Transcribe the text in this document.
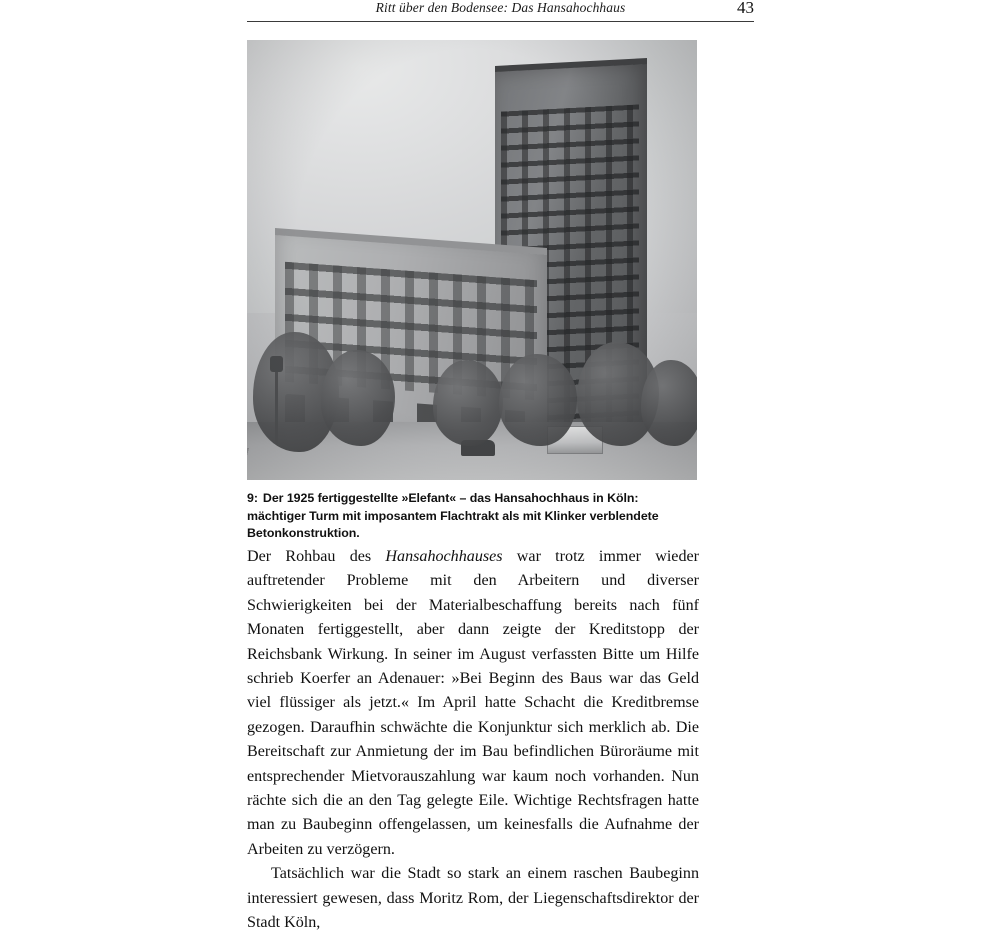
Ritt über den Bodensee: Das Hansahochhaus	43
9: Der 1925 fertiggestellte »Elefant« – das Hansahochhaus in Köln: mächtiger Turm mit imposantem Flachtrakt als mit Klinker verblendete Betonkonstruktion.

Der Rohbau des Hansahochhauses war trotz immer wieder auftretender Probleme mit den Arbeitern und diverser Schwierigkeiten bei der Materialbeschaffung bereits nach fünf Monaten fertiggestellt, aber dann zeigte der Kreditstopp der Reichsbank Wirkung. In seiner im August verfassten Bitte um Hilfe schrieb Koerfer an Adenauer: »Bei Beginn des Baus war das Geld viel flüssiger als jetzt.« Im April hatte Schacht die Kreditbremse gezogen. Daraufhin schwächte die Konjunktur sich merklich ab. Die Bereitschaft zur Anmietung der im Bau befindlichen Büroräume mit entsprechender Mietvorauszahlung war kaum noch vorhanden. Nun rächte sich die an den Tag gelegte Eile. Wichtige Rechtsfragen hatte man zu Baubeginn offengelassen, um keinesfalls die Aufnahme der Arbeiten zu verzögern.

Tatsächlich war die Stadt so stark an einem raschen Baubeginn interessiert gewesen, dass Moritz Rom, der Liegenschaftsdirektor der Stadt Köln,
